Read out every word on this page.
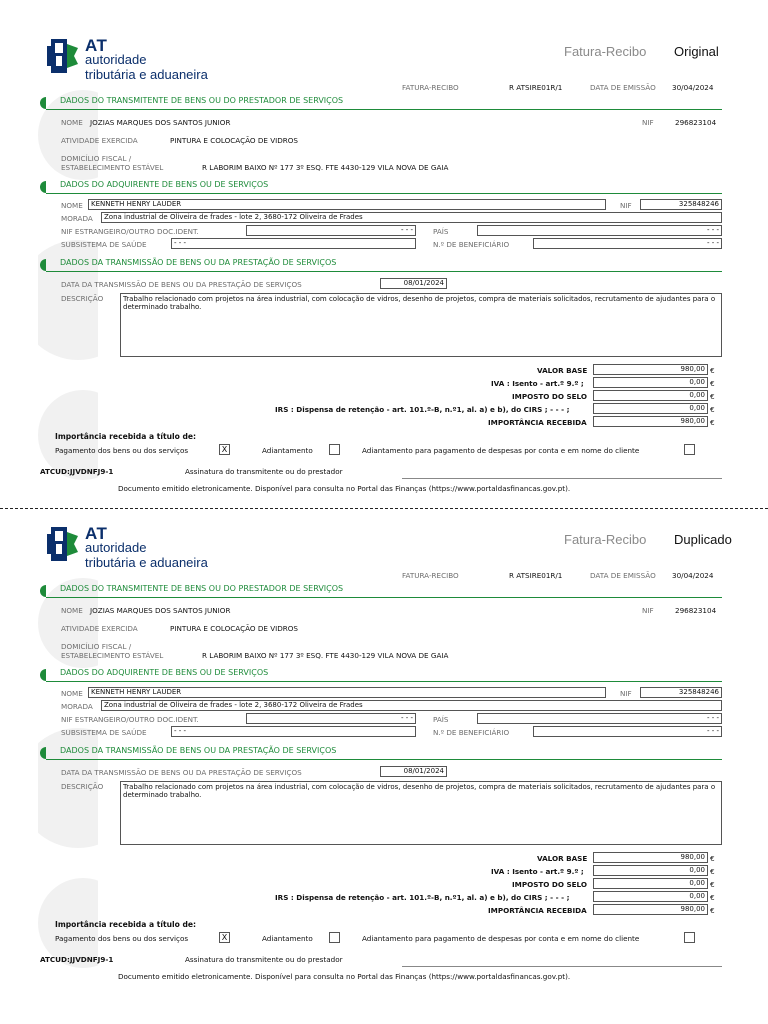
AT
autoridade
tributária e aduaneira
Fatura-Recibo Original
FATURA-RECIBO	R ATSIRE01R/1	DATA DE EMISSÃO 30/04/2024
DADOS DO TRANSMITENTE DE BENS OU DO PRESTADOR DE SERVIÇOS
NOME JOZIAS MARQUES DOS SANTOS JUNIOR	NIF	296823104
ATIVIDADE EXERCIDA	PINTURA E COLOCAÇÃO DE VIDROS
DOMICÍLIO FISCAL /
ESTABELECIMENTO ESTÁVEL	R LABORIM BAIXO Nº 177 3º ESQ. FTE 4430-129 VILA NOVA DE GAIA
DADOS DO ADQUIRENTE DE BENS OU DE SERVIÇOS
NOME	KENNETH HENRY LAUDER	NIF	325848246
MORADA	Zona industrial de Oliveira de frades - lote 2, 3680-172 Oliveira de Frades
NIF ESTRANGEIRO/OUTRO DOC.IDENT.	- - -	PAÍS	- - -
SUBSISTEMA DE SAÚDE	- - -	N.º DE BENEFICIÁRIO	- - -
DADOS DA TRANSMISSÃO DE BENS OU DA PRESTAÇÃO DE SERVIÇOS
DATA DA TRANSMISSÃO DE BENS OU DA PRESTAÇÃO DE SERVIÇOS	08/01/2024
DESCRIÇÃO	Trabalho relacionado com projetos na área industrial, com colocação de vidros, desenho de projetos, compra de materiais solicitados, recrutamento de ajudantes para o determinado trabalho.
VALOR BASE	980,00 €
IVA : Isento - art.º 9.º ;	0,00 €
IMPOSTO DO SELO	0,00 €
IRS : Dispensa de retenção - art. 101.º-B, n.º1, al. a) e b), do CIRS ; - - - ;	0,00 €
IMPORTÂNCIA RECEBIDA	980,00 €
Importância recebida a título de:
Pagamento dos bens ou dos serviços	X	Adiantamento	Adiantamento para pagamento de despesas por conta e em nome do cliente
ATCUD:JJVDNFJ9-1	Assinatura do transmitente ou do prestador
Documento emitido eletronicamente. Disponível para consulta no Portal das Finanças (https://www.portaldasfinancas.gov.pt).
AT
autoridade
tributária e aduaneira
Fatura-Recibo Duplicado
FATURA-RECIBO	R ATSIRE01R/1	DATA DE EMISSÃO 30/04/2024
DADOS DO TRANSMITENTE DE BENS OU DO PRESTADOR DE SERVIÇOS
NOME JOZIAS MARQUES DOS SANTOS JUNIOR	NIF	296823104
ATIVIDADE EXERCIDA	PINTURA E COLOCAÇÃO DE VIDROS
DOMICÍLIO FISCAL /
ESTABELECIMENTO ESTÁVEL	R LABORIM BAIXO Nº 177 3º ESQ. FTE 4430-129 VILA NOVA DE GAIA
DADOS DO ADQUIRENTE DE BENS OU DE SERVIÇOS
NOME	KENNETH HENRY LAUDER	NIF	325848246
MORADA	Zona industrial de Oliveira de frades - lote 2, 3680-172 Oliveira de Frades
NIF ESTRANGEIRO/OUTRO DOC.IDENT.	- - -	PAÍS	- - -
SUBSISTEMA DE SAÚDE	- - -	N.º DE BENEFICIÁRIO	- - -
DADOS DA TRANSMISSÃO DE BENS OU DA PRESTAÇÃO DE SERVIÇOS
DATA DA TRANSMISSÃO DE BENS OU DA PRESTAÇÃO DE SERVIÇOS	08/01/2024
DESCRIÇÃO	Trabalho relacionado com projetos na área industrial, com colocação de vidros, desenho de projetos, compra de materiais solicitados, recrutamento de ajudantes para o determinado trabalho.
VALOR BASE	980,00 €
IVA : Isento - art.º 9.º ;	0,00 €
IMPOSTO DO SELO	0,00 €
IRS : Dispensa de retenção - art. 101.º-B, n.º1, al. a) e b), do CIRS ; - - - ;	0,00 €
IMPORTÂNCIA RECEBIDA	980,00 €
Importância recebida a título de:
Pagamento dos bens ou dos serviços	X	Adiantamento	Adiantamento para pagamento de despesas por conta e em nome do cliente
ATCUD:JJVDNFJ9-1	Assinatura do transmitente ou do prestador
Documento emitido eletronicamente. Disponível para consulta no Portal das Finanças (https://www.portaldasfinancas.gov.pt).
